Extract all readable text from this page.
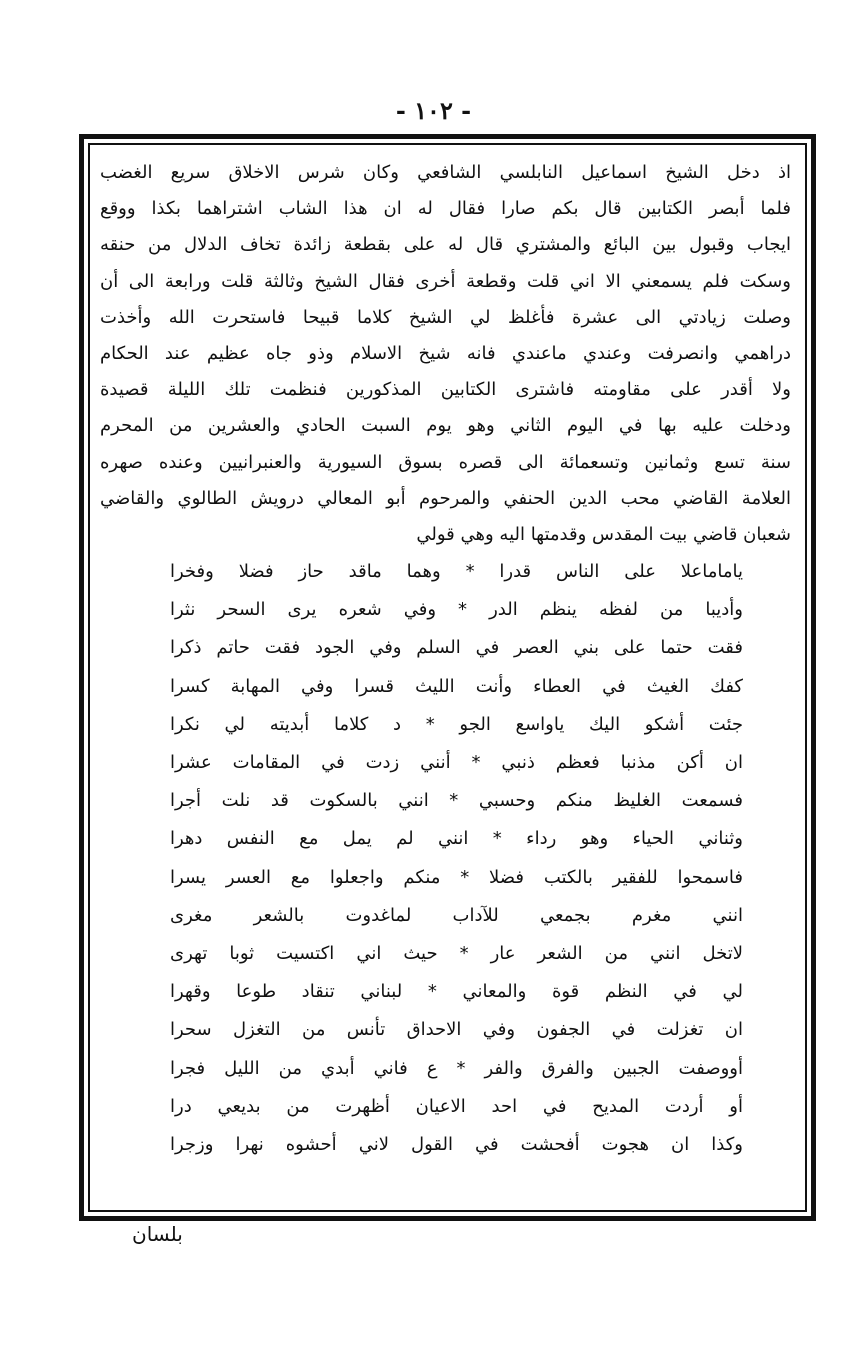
- ١٠٢ -
اذ دخل الشيخ اسماعيل النابلسي الشافعي وكان شرس الاخلاق سريع الغضب
فلما أبصر الكتابين قال بكم صارا فقال له ان هذا الشاب اشتراهما بكذا ووقع
ايجاب وقبول بين البائع والمشتري قال له على بقطعة زائدة تخاف الدلال من حنقه
وسكت فلم يسمعني الا اني قلت وقطعة أخرى فقال الشيخ وثالثة قلت ورابعة الى أن
وصلت زيادتي الى عشرة فأغلظ لي الشيخ كلاما قبيحا فاستحرت الله وأخذت
دراهمي وانصرفت وعندي ماعندي فانه شيخ الاسلام وذو جاه عظيم عند الحكام
ولا أقدر على مقاومته فاشترى الكتابين المذكورين فنظمت تلك الليلة قصيدة
ودخلت عليه بها في اليوم الثاني وهو يوم السبت الحادي والعشرين من المحرم
سنة تسع وثمانين وتسعمائة الى قصره بسوق السيورية والعنبرانيين وعنده صهره
العلامة القاضي محب الدين الحنفي والمرحوم أبو المعالي درويش الطالوي والقاضي
شعبان قاضي بيت المقدس وقدمتها اليه وهي قولي
ياماماعلا على الناس قدرا * وهما ماقد حاز فضلا وفخرا
وأديبا من لفظه ينظم الدر * وفي شعره يرى السحر نثرا
فقت حتما على بني العصر في السلم وفي الجود فقت حاتم ذكرا
كفك الغيث في العطاء وأنت الليث قسرا وفي المهابة كسرا
جئت أشكو اليك ياواسع الجو * د كلاما أبديته لي نكرا
ان أكن مذنبا فعظم ذنبي * أنني زدت في المقامات عشرا
فسمعت الغليظ منكم وحسبي * انني بالسكوت قد نلت أجرا
وثناني الحياء وهو رداء * انني لم يمل مع النفس دهرا
فاسمحوا للفقير بالكتب فضلا * منكم واجعلوا مع العسر يسرا
انني مغرم بجمعي للآداب لماغدوت بالشعر مغرى
لاتخل انني من الشعر عار * حيث اني اكتسيت ثوبا تهرى
لي في النظم قوة والمعاني * لبناني تنقاد طوعا وقهرا
ان تغزلت في الجفون وفي الاحداق تأنس من التغزل سحرا
أووصفت الجبين والفرق والفر * ع فاني أبدي من الليل فجرا
أو أردت المديح في احد الاعيان أظهرت من بديعي درا
وكذا ان هجوت أفحشت في القول لاني أحشوه نهرا وزجرا
بلسان
